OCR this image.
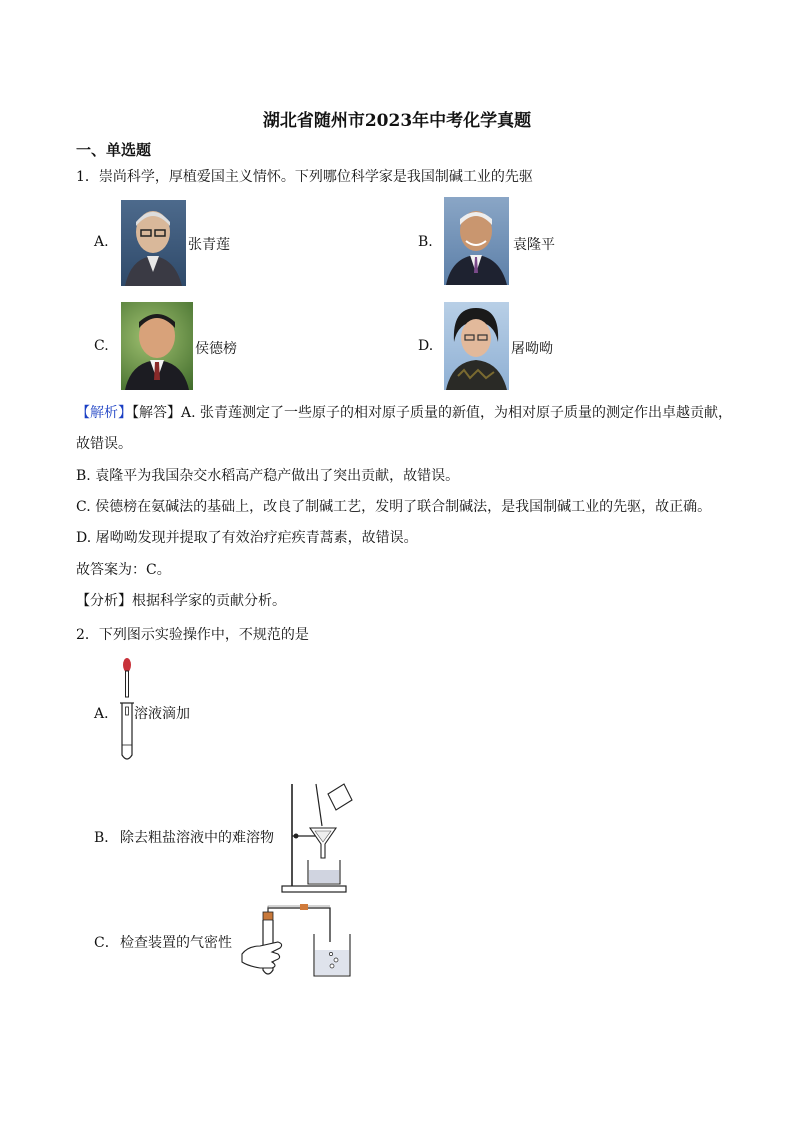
湖北省随州市2023年中考化学真题
一、单选题
1．崇尚科学，厚植爱国主义情怀。下列哪位科学家是我国制碱工业的先驱
A.	张青莲	B.	袁隆平
C.	侯德榜	D.	屠呦呦
【解析】【解答】A. 张青莲测定了一些原子的相对原子质量的新值，为相对原子质量的测定作出卓越贡献，
故错误。
B. 袁隆平为我国杂交水稻高产稳产做出了突出贡献，故错误。
C. 侯德榜在氨碱法的基础上，改良了制碱工艺，发明了联合制碱法，是我国制碱工业的先驱，故正确。
D. 屠呦呦发现并提取了有效治疗疟疾青蒿素，故错误。
故答案为：C。
【分析】根据科学家的贡献分析。
2．下列图示实验操作中，不规范的是
A． 溶液滴加
B． 除去粗盐溶液中的难溶物
C． 检查装置的气密性
